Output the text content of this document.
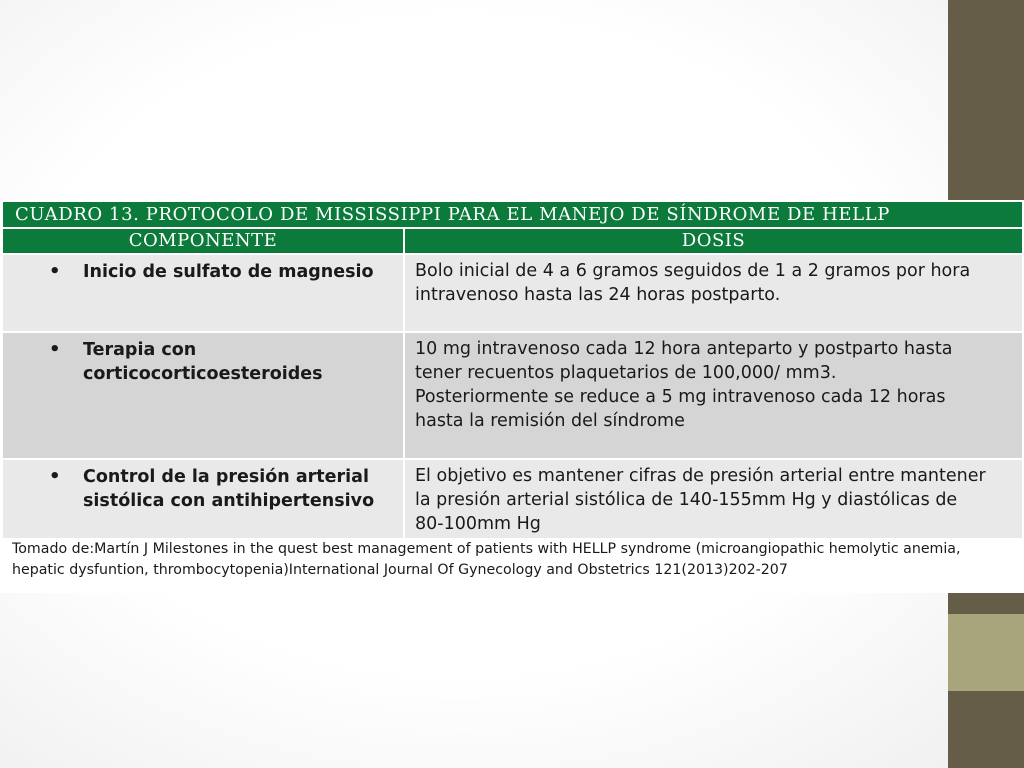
CUADRO 13. PROTOCOLO DE MISSISSIPPI PARA EL MANEJO DE SÍNDROME DE HELLP
COMPONENTE	DOSIS
• Inicio de sulfato de magnesio	Bolo inicial de 4 a 6 gramos seguidos de 1 a 2 gramos por hora
intravenoso hasta las 24 horas postparto.
• Terapia con
corticocorticoesteroides
10 mg intravenoso cada 12 hora anteparto y postparto hasta
tener recuentos plaquetarios de 100,000/ mm3.
Posteriormente se reduce a 5 mg intravenoso cada 12 horas
hasta la remisión del síndrome
• Control de la presión arterial
sistólica con antihipertensivo
El objetivo es mantener cifras de presión arterial entre mantener
la presión arterial sistólica de 140-155mm Hg y diastólicas de
80-100mm Hg
Tomado de:Martín J Milestones in the quest best management of patients with HELLP syndrome (microangiopathic hemolytic anemia,
hepatic dysfuntion, thrombocytopenia)International Journal Of Gynecology and Obstetrics 121(2013)202-207
